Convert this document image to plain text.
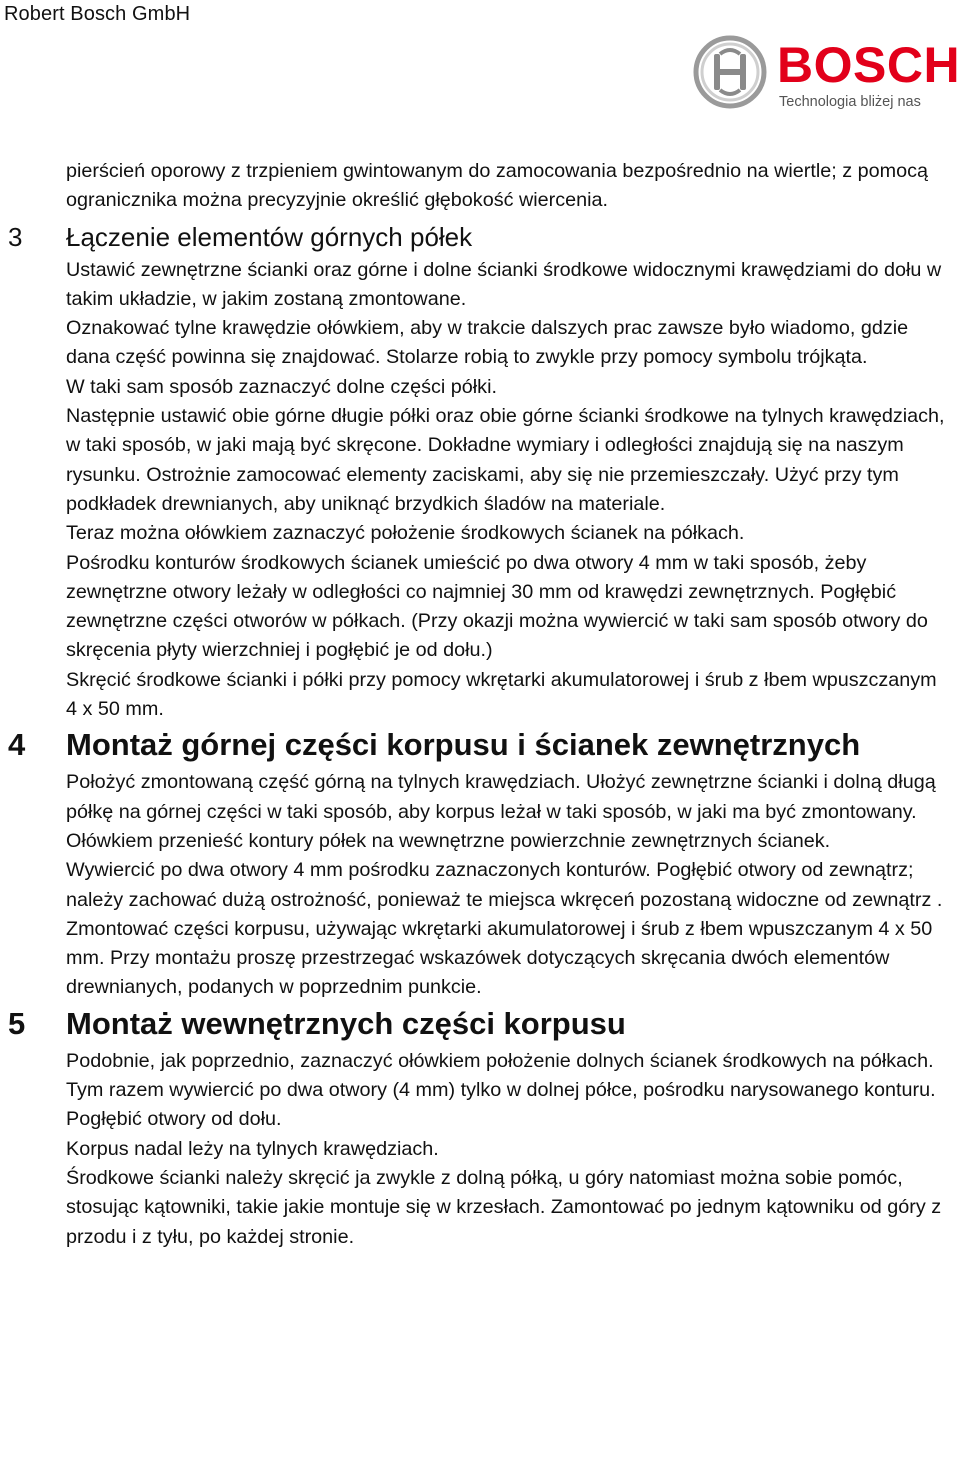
Robert Bosch GmbH
BOSCH
Technologia bliżej nas

pierścień oporowy z trzpieniem gwintowanym do zamocowania bezpośrednio na wiertle; z pomocą ogranicznika można precyzyjnie określić głębokość wiercenia.

3 Łączenie elementów górnych półek

Ustawić zewnętrzne ścianki oraz górne i dolne ścianki środkowe widocznymi krawędziami do dołu w takim układzie, w jakim zostaną zmontowane.

Oznakować tylne krawędzie ołówkiem, aby w trakcie dalszych prac zawsze było wiadomo, gdzie dana część powinna się znajdować. Stolarze robią to zwykle przy pomocy symbolu trójkąta.

W taki sam sposób zaznaczyć dolne części półki.

Następnie ustawić obie górne długie półki oraz obie górne ścianki środkowe na tylnych krawędziach, w taki sposób, w jaki mają być skręcone. Dokładne wymiary i odległości znajdują się na naszym rysunku. Ostrożnie zamocować elementy zaciskami, aby się nie przemieszczały. Użyć przy tym podkładek drewnianych, aby uniknąć brzydkich śladów na materiale.

Teraz można ołówkiem zaznaczyć położenie środkowych ścianek na półkach.

Pośrodku konturów środkowych ścianek umieścić po dwa otwory 4 mm w taki sposób, żeby zewnętrzne otwory leżały w odległości co najmniej 30 mm od krawędzi zewnętrznych. Pogłębić zewnętrzne części otworów w półkach. (Przy okazji można wywiercić w taki sam sposób otwory do skręcenia płyty wierzchniej i pogłębić je od dołu.)

Skręcić środkowe ścianki i półki przy pomocy wkrętarki akumulatorowej i śrub z łbem wpuszczanym 4 x 50 mm.

4 Montaż górnej części korpusu i ścianek zewnętrznych

Położyć zmontowaną część górną na tylnych krawędziach. Ułożyć zewnętrzne ścianki i dolną długą półkę na górnej części w taki sposób, aby korpus leżał w taki sposób, w jaki ma być zmontowany. Ołówkiem przenieść kontury półek na wewnętrzne powierzchnie zewnętrznych ścianek.

Wywiercić po dwa otwory 4 mm pośrodku zaznaczonych konturów. Pogłębić otwory od zewnątrz; należy zachować dużą ostrożność, ponieważ te miejsca wkręceń pozostaną widoczne od zewnątrz .

Zmontować części korpusu, używając wkrętarki akumulatorowej i śrub z łbem wpuszczanym 4 x 50 mm. Przy montażu proszę przestrzegać wskazówek dotyczących skręcania dwóch elementów drewnianych, podanych w poprzednim punkcie.

5 Montaż wewnętrznych części korpusu

Podobnie, jak poprzednio, zaznaczyć ołówkiem położenie dolnych ścianek środkowych na półkach. Tym razem wywiercić po dwa otwory (4 mm) tylko w dolnej półce, pośrodku narysowanego konturu. Pogłębić otwory od dołu.

Korpus nadal leży na tylnych krawędziach.

Środkowe ścianki należy skręcić ja zwykle z dolną półką, u góry natomiast można sobie pomóc, stosując kątowniki, takie jakie montuje się w krzesłach. Zamontować po jednym kątowniku od góry z przodu i z tyłu, po każdej stronie.
